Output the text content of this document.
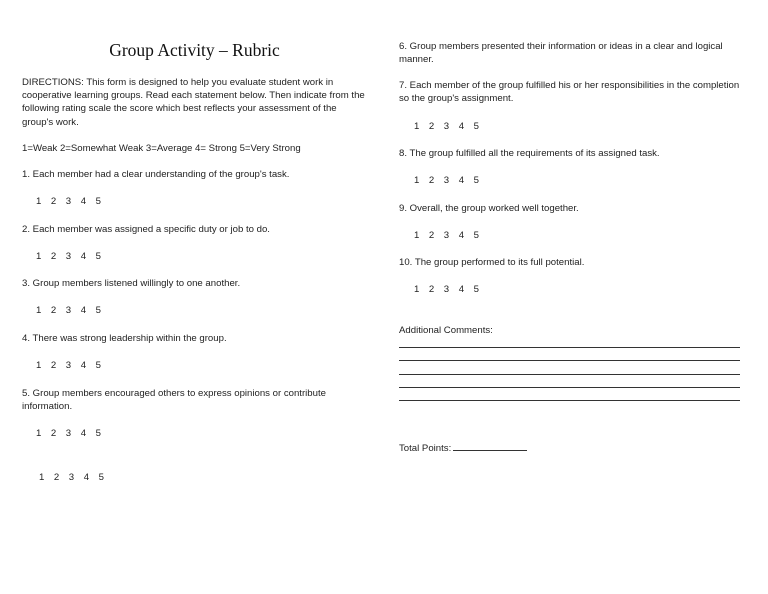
Group Activity – Rubric

DIRECTIONS: This form is designed to help you evaluate student work in cooperative learning groups. Read each statement below. Then indicate from the following rating scale the score which best reflects your assessment of the group's work.

1=Weak 2=Somewhat Weak 3=Average 4= Strong 5=Very Strong

1. Each member had a clear understanding of the group's task.

1 2 3 4 5

2. Each member was assigned a specific duty or job to do.

1 2 3 4 5

3. Group members listened willingly to one another.

1 2 3 4 5

4. There was strong leadership within the group.

1 2 3 4 5

5. Group members encouraged others to express opinions or contribute information.

1 2 3 4 5

1 2 3 4 5

6. Group members presented their information or ideas in a clear and logical manner.

7. Each member of the group fulfilled his or her responsibilities in the completion so the group's assignment.

1 2 3 4 5

8. The group fulfilled all the requirements of its assigned task.

1 2 3 4 5

9. Overall, the group worked well together.

1 2 3 4 5

10. The group performed to its full potential.

1 2 3 4 5

Additional Comments:

Total Points:
